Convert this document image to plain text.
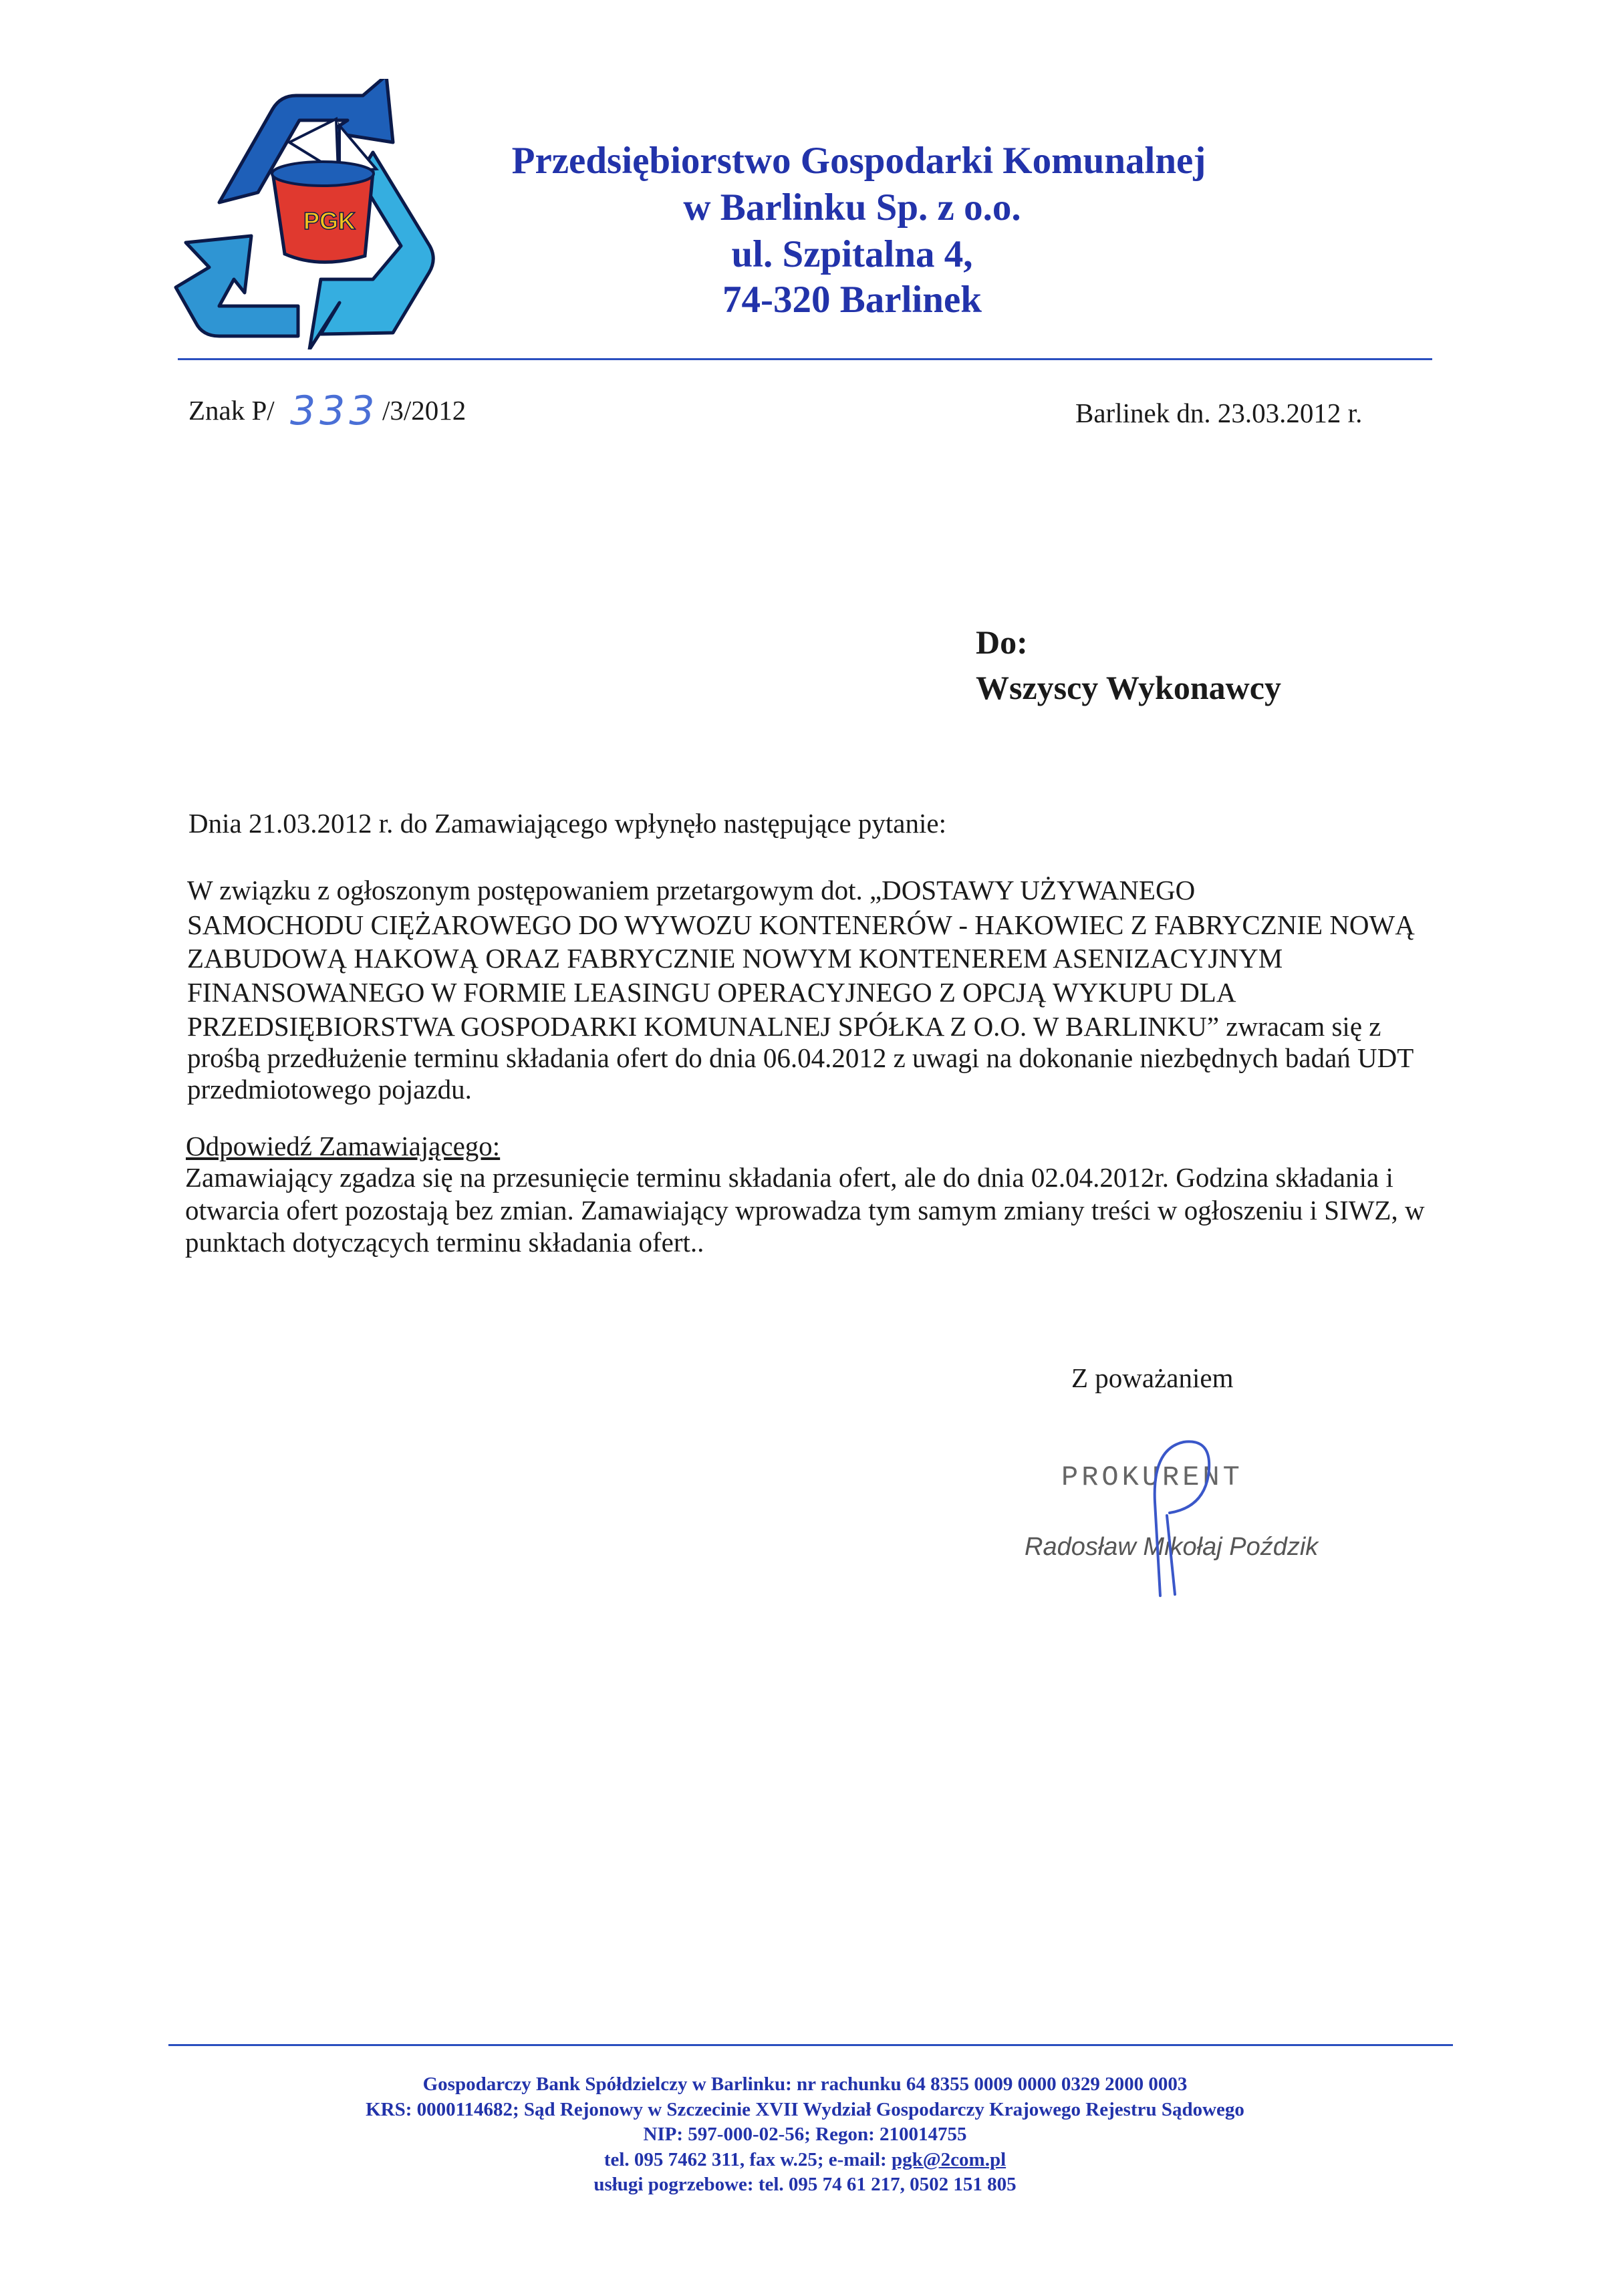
PGK
Przedsiębiorstwo Gospodarki Komunalnej
w Barlinku Sp. z o.o.
ul. Szpitalna 4,
74-320 Barlinek
Znak P/ 333 /3/2012	Barlinek dn. 23.03.2012 r.
Do:
Wszyscy Wykonawcy
Dnia 21.03.2012 r. do Zamawiającego wpłynęło następujące pytanie:
W związku z ogłoszonym postępowaniem przetargowym dot. „DOSTAWY UŻYWANEGO
SAMOCHODU CIĘŻAROWEGO DO WYWOZU KONTENERÓW - HAKOWIEC Z FABRYCZNIE NOWĄ
ZABUDOWĄ HAKOWĄ ORAZ FABRYCZNIE NOWYM KONTENEREM ASENIZACYJNYM
FINANSOWANEGO W FORMIE LEASINGU OPERACYJNEGO Z OPCJĄ WYKUPU DLA
PRZEDSIĘBIORSTWA GOSPODARKI KOMUNALNEJ SPÓŁKA Z O.O. W BARLINKU” zwracam się z
prośbą przedłużenie terminu składania ofert do dnia 06.04.2012 z uwagi na dokonanie niezbędnych badań UDT
przedmiotowego pojazdu.
Odpowiedź Zamawiającego:
Zamawiający zgadza się na przesunięcie terminu składania ofert, ale do dnia 02.04.2012r. Godzina składania i
otwarcia ofert pozostają bez zmian. Zamawiający wprowadza tym samym zmiany treści w ogłoszeniu i SIWZ, w
punktach dotyczących terminu składania ofert..
Z poważaniem
PROKURENT
Radosław Mikołaj Poździk
Gospodarczy Bank Spółdzielczy w Barlinku: nr rachunku 64 8355 0009 0000 0329 2000 0003
KRS: 0000114682; Sąd Rejonowy w Szczecinie XVII Wydział Gospodarczy Krajowego Rejestru Sądowego
NIP: 597-000-02-56; Regon: 210014755
tel. 095 7462 311, fax w.25; e-mail: pgk@2com.pl
usługi pogrzebowe: tel. 095 74 61 217, 0502 151 805
